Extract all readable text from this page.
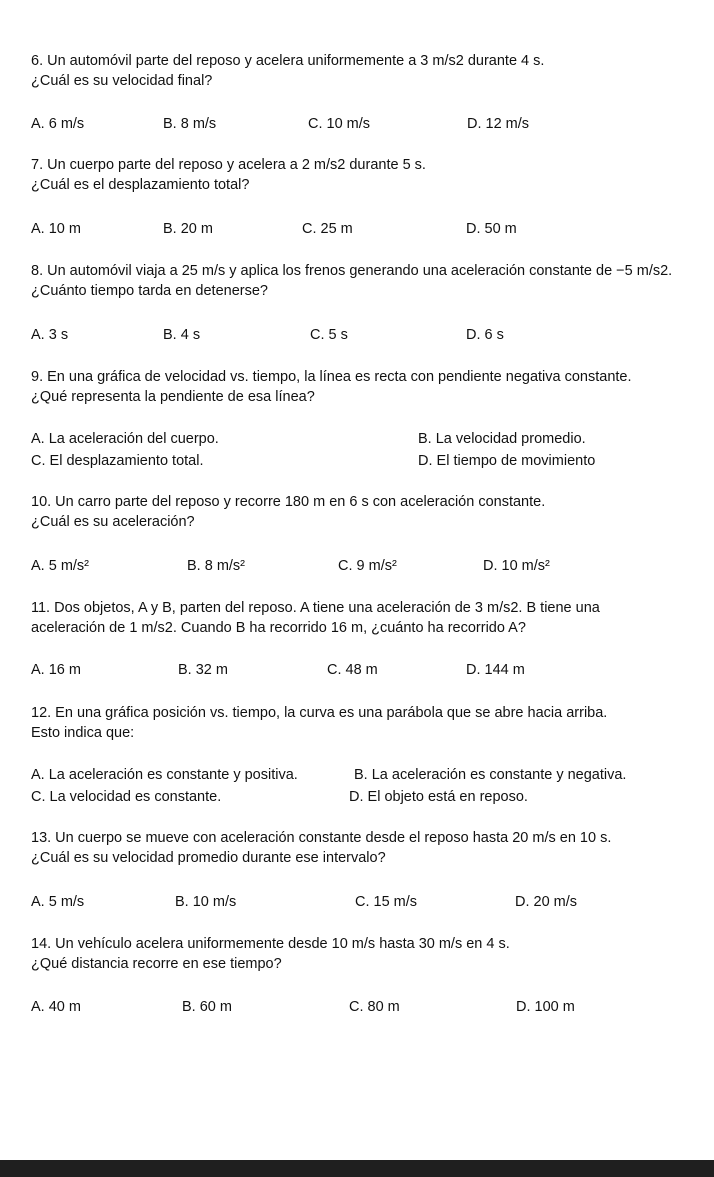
6. Un automóvil parte del reposo y acelera uniformemente a 3 m/s2 durante 4 s.
¿Cuál es su velocidad final?
A. 6 m/s	B. 8 m/s	C. 10 m/s	D. 12 m/s
7. Un cuerpo parte del reposo y acelera a 2 m/s2 durante 5 s.
¿Cuál es el desplazamiento total?
A. 10 m	B. 20 m	C. 25 m	D. 50 m
8. Un automóvil viaja a 25 m/s y aplica los frenos generando una aceleración constante de −5 m/s2.
¿Cuánto tiempo tarda en detenerse?
A. 3 s	B. 4 s	C. 5 s	D. 6 s
9. En una gráfica de velocidad vs. tiempo, la línea es recta con pendiente negativa constante.
¿Qué representa la pendiente de esa línea?
A. La aceleración del cuerpo.	B. La velocidad promedio.
C. El desplazamiento total.	D. El tiempo de movimiento
10. Un carro parte del reposo y recorre 180 m en 6 s con aceleración constante.
¿Cuál es su aceleración?
A. 5 m/s²	B. 8 m/s²	C. 9 m/s²	D. 10 m/s²
11. Dos objetos, A y B, parten del reposo. A tiene una aceleración de 3 m/s2. B tiene una
aceleración de 1 m/s2. Cuando B ha recorrido 16 m, ¿cuánto ha recorrido A?
A. 16 m	B. 32 m	C. 48 m	D. 144 m
12. En una gráfica posición vs. tiempo, la curva es una parábola que se abre hacia arriba.
Esto indica que:
A. La aceleración es constante y positiva.	B. La aceleración es constante y negativa.
C. La velocidad es constante.	D. El objeto está en reposo.
13. Un cuerpo se mueve con aceleración constante desde el reposo hasta 20 m/s en 10 s.
¿Cuál es su velocidad promedio durante ese intervalo?
A. 5 m/s	B. 10 m/s	C. 15 m/s	D. 20 m/s
14. Un vehículo acelera uniformemente desde 10 m/s hasta 30 m/s en 4 s.
¿Qué distancia recorre en ese tiempo?
A. 40 m	B. 60 m	C. 80 m	D. 100 m
